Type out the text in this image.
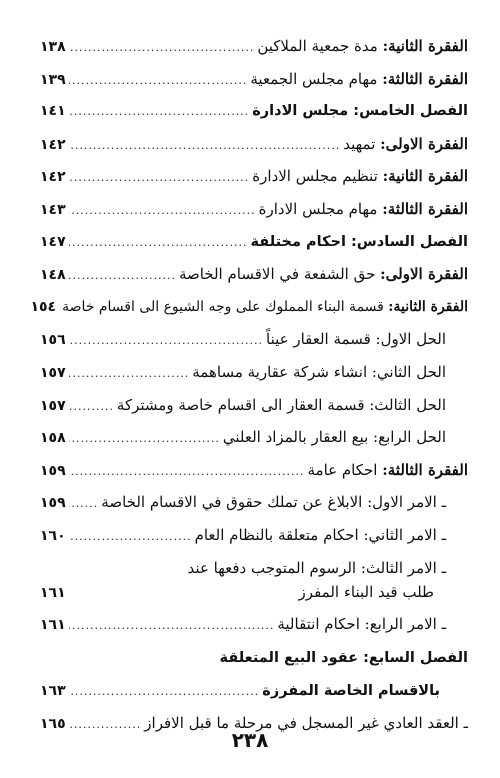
الفقرة الثانية: مدة جمعية الملاكين
.....
١٣٨
الفقرة الثالثة: مهام مجلس الجمعية
.....
١٣٩
الفصل الخامس: مجلس الادارة
.....
١٤١
الفقرة الاولى: تمهيد
.....
١٤٢
الفقرة الثانية: تنظيم مجلس الادارة
.....
١٤٢
الفقرة الثالثة: مهام مجلس الادارة
.....
١٤٣
الفصل السادس: احكام مختلفة
.....
١٤٧
الفقرة الاولى: حق الشفعة في الاقسام الخاصة
.....
١٤٨
الفقرة الثانية: قسمة البناء المملوك على وجه الشيوع الى اقسام خاصة
١٥٤
الحل الاول: قسمة العقار عيناً
.....
١٥٦
الحل الثاني: انشاء شركة عقارية مساهمة
.....
١٥٧
الحل الثالث: قسمة العقار الى اقسام خاصة ومشتركة
.....
١٥٧
الحل الرابع: بيع العقار بالمزاد العلني
.....
١٥٨
الفقرة الثالثة: احكام عامة
.....
١٥٩
ـ الامر الاول: الابلاغ عن تملك حقوق في الاقسام الخاصة
.....
١٥٩
ـ الامر الثاني: احكام متعلقة بالنظام العام
.....
١٦٠
ـ الامر الثالث: الرسوم المتوجب دفعها عند
طلب قيد البناء المفرز
١٦١
ـ الامر الرابع: احكام انتقالية
.....
١٦١
الفصل السابع: عقود البيع المتعلقة
بالاقسام الخاصة المفرزة
.....
١٦٣
ـ العقد العادي غير المسجل في مرحلة ما قبل الافراز
.....
١٦٥
٢٣٨
